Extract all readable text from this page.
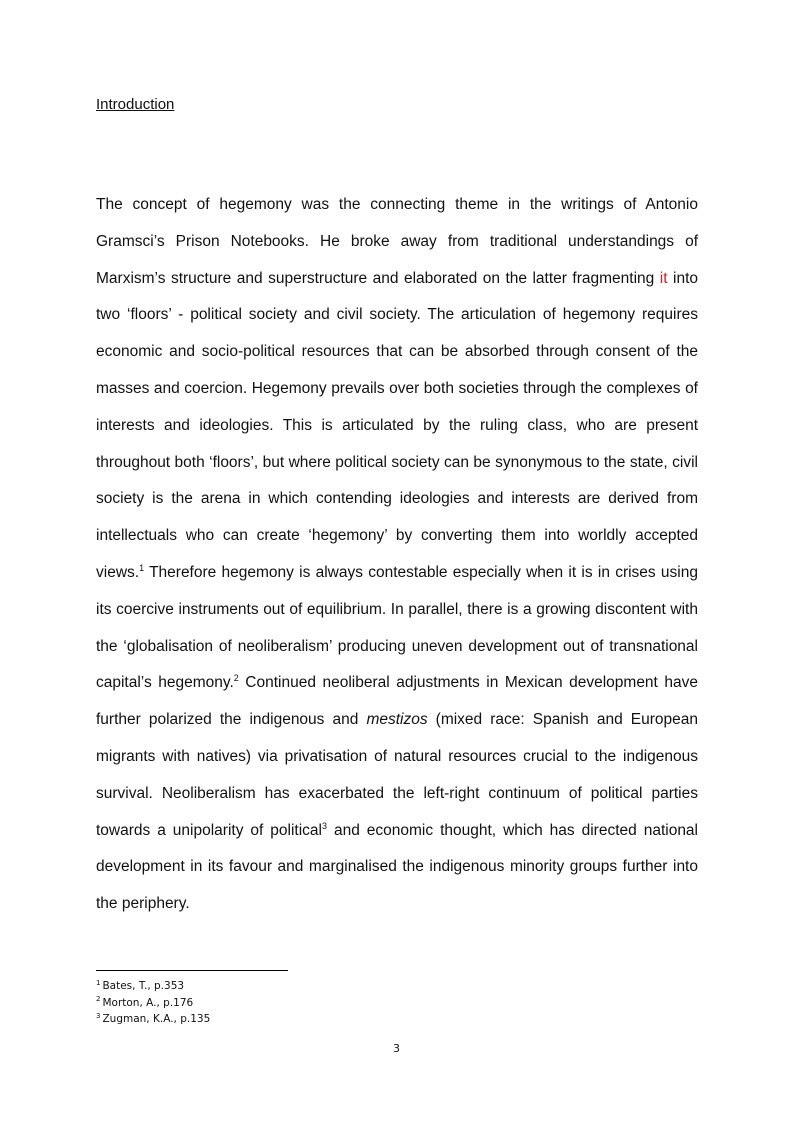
Introduction

The concept of hegemony was the connecting theme in the writings of Antonio Gramsci’s Prison Notebooks. He broke away from traditional understandings of Marxism’s structure and superstructure and elaborated on the latter fragmenting it into two ‘floors’ - political society and civil society. The articulation of hegemony requires economic and socio-political resources that can be absorbed through consent of the masses and coercion. Hegemony prevails over both societies through the complexes of interests and ideologies. This is articulated by the ruling class, who are present throughout both ‘floors’, but where political society can be synonymous to the state, civil society is the arena in which contending ideologies and interests are derived from intellectuals who can create ‘hegemony’ by converting them into worldly accepted views.$^1$ Therefore hegemony is always contestable especially when it is in crises using its coercive instruments out of equilibrium. In parallel, there is a growing discontent with the ‘globalisation of neoliberalism’ producing uneven development out of transnational capital’s hegemony.$^2$ Continued neoliberal adjustments in Mexican development have further polarized the indigenous and mestizos (mixed race: Spanish and European migrants with natives) via privatisation of natural resources crucial to the indigenous survival. Neoliberalism has exacerbated the left-right continuum of political parties towards a unipolarity of political$^3$ and economic thought, which has directed national development in its favour and marginalised the indigenous minority groups further into the periphery.

$^1$ Bates, T., p.353
$^2$ Morton, A., p.176
$^3$ Zugman, K.A., p.135
3
